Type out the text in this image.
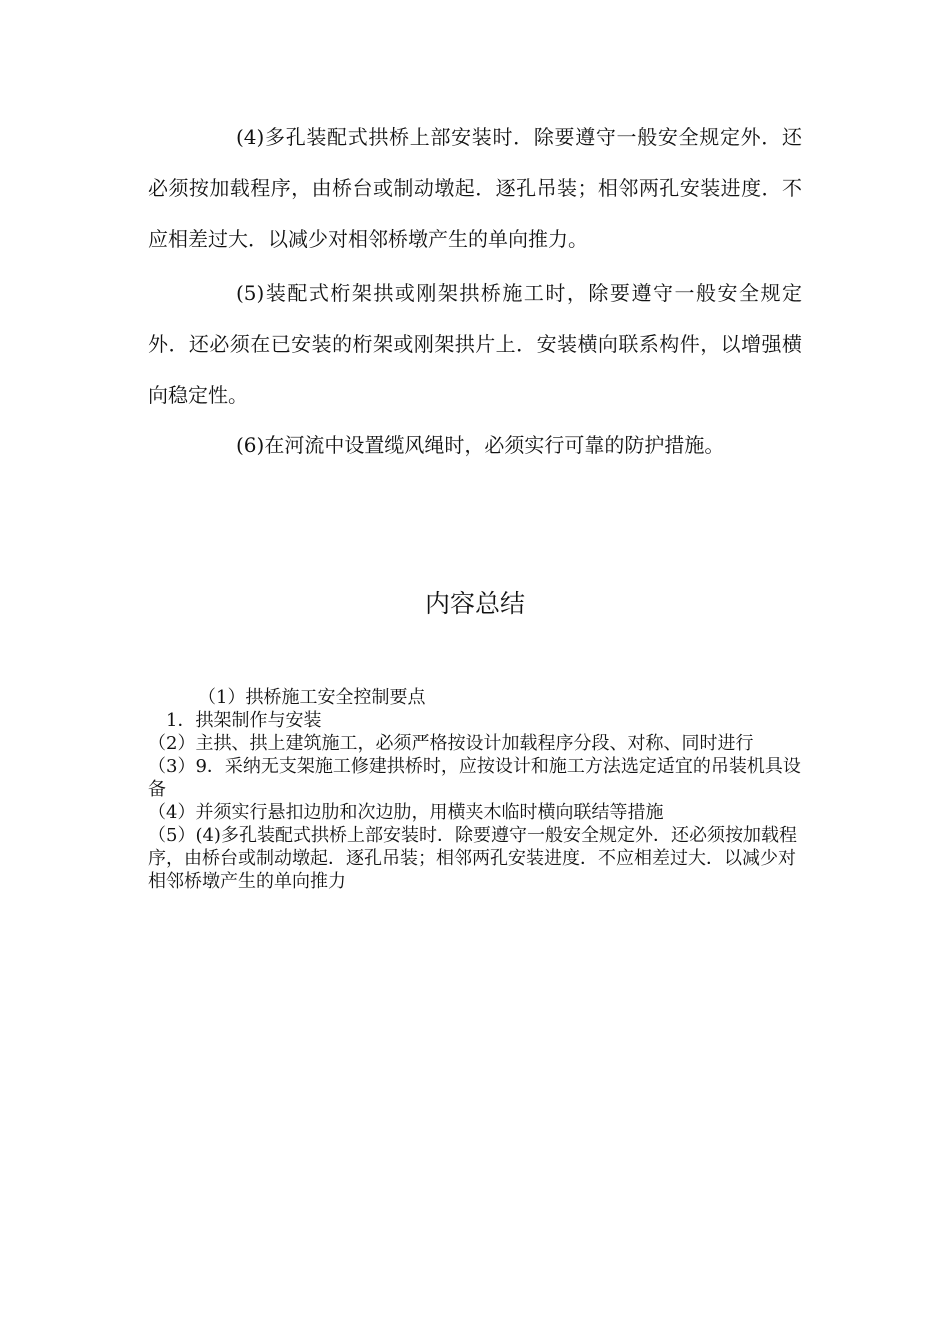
(4)多孔装配式拱桥上部安装时．除要遵守一般安全规定外．还必须按加载程序，由桥台或制动墩起．逐孔吊装；相邻两孔安装进度．不应相差过大．以减少对相邻桥墩产生的单向推力。

(5)装配式桁架拱或刚架拱桥施工时，除要遵守一般安全规定外．还必须在已安装的桁架或刚架拱片上．安装横向联系构件，以增强横向稳定性。

(6)在河流中设置缆风绳时，必须实行可靠的防护措施。

内容总结

（1）拱桥施工安全控制要点

1．拱架制作与安装

（2）主拱、拱上建筑施工，必须严格按设计加载程序分段、对称、同时进行

（3）9．采纳无支架施工修建拱桥时，应按设计和施工方法选定适宜的吊装机具设备

（4）并须实行悬扣边肋和次边肋，用横夹木临时横向联结等措施

（5）(4)多孔装配式拱桥上部安装时．除要遵守一般安全规定外．还必须按加载程序，由桥台或制动墩起．逐孔吊装；相邻两孔安装进度．不应相差过大．以减少对相邻桥墩产生的单向推力
